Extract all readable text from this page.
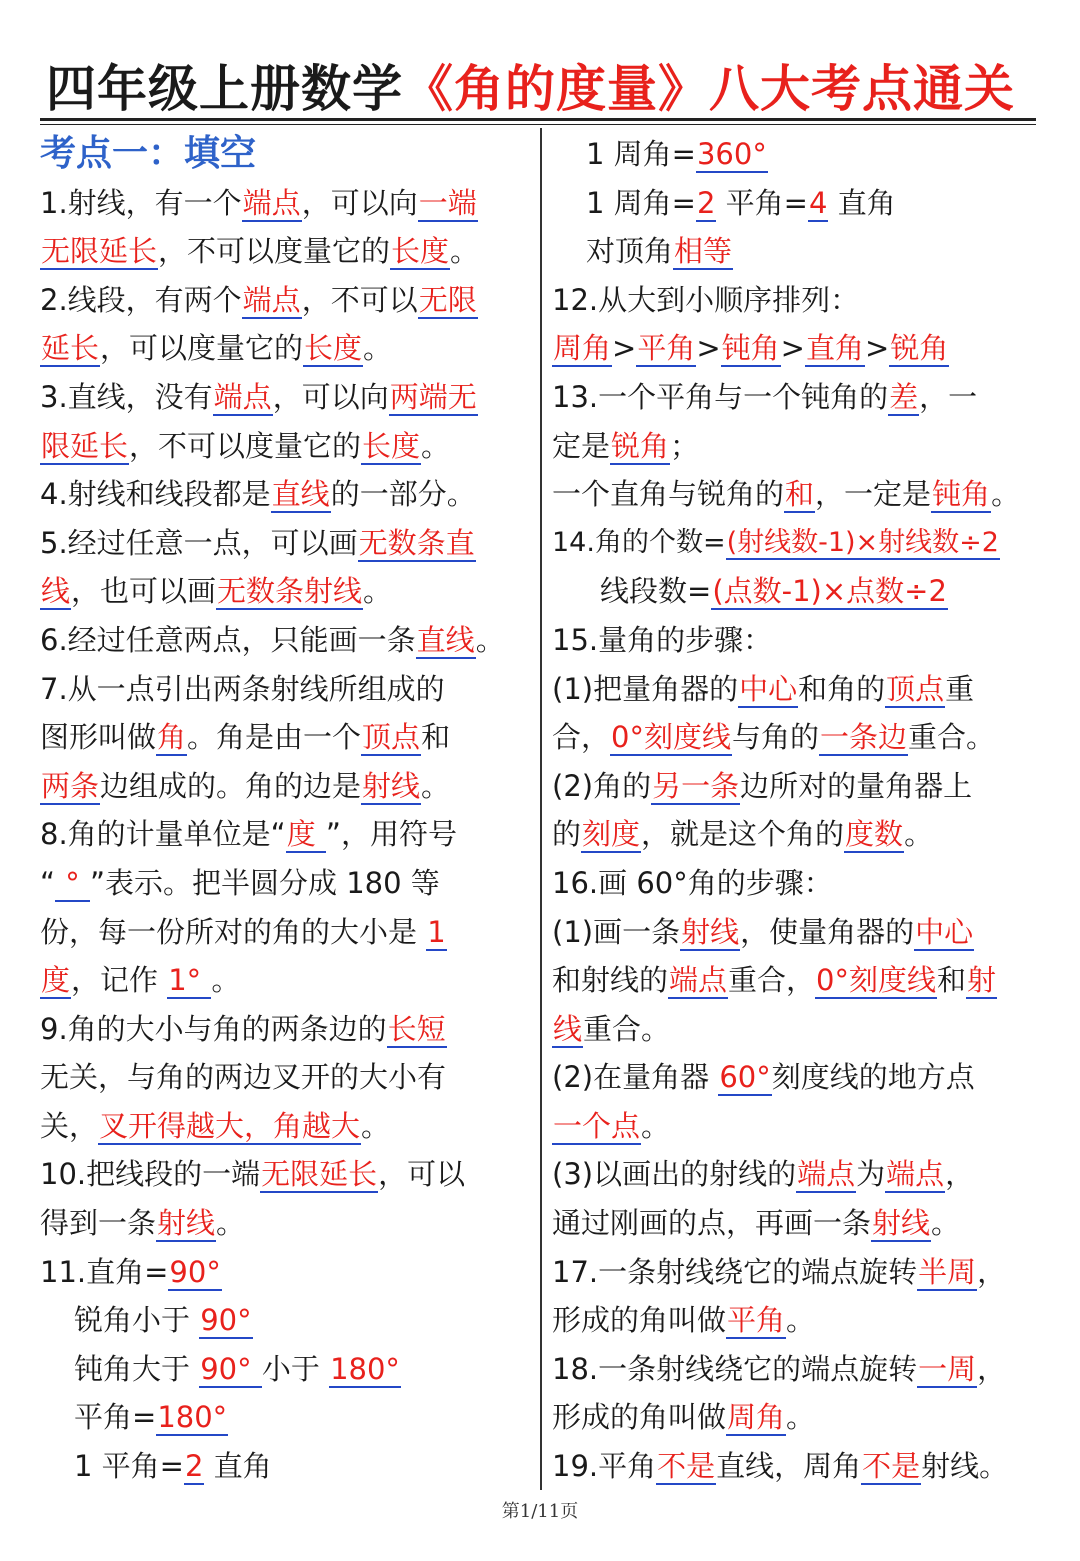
四年级上册数学《角的度量》八大考点通关
考点一：填空
1.射线，有一个端点，可以向一端
无限延长，不可以度量它的长度。
2.线段，有两个端点，不可以无限
延长，可以度量它的长度。
3.直线，没有端点，可以向两端无
限延长，不可以度量它的长度。
4.射线和线段都是直线的一部分。
5.经过任意一点，可以画无数条直
线，也可以画无数条射线。
6.经过任意两点，只能画一条直线。
7.从一点引出两条射线所组成的
图形叫做角。角是由一个顶点和
两条边组成的。角的边是射线。
8.角的计量单位是“度 ”，用符号
“ ° ”表示。把半圆分成 180 等
份，每一份所对的角的大小是 1
度，记作 1° 。
9.角的大小与角的两条边的长短
无关，与角的两边叉开的大小有
关，叉开得越大，角越大。
10.把线段的一端无限延长，可以
得到一条射线。
11.直角=90°
锐角小于 90°
钝角大于 90° 小于 180°
平角=180°
1 平角=2 直角
1 周角=360°
1 周角=2 平角=4 直角
对顶角相等
12.从大到小顺序排列：
周角>平角>钝角>直角>锐角
13.一个平角与一个钝角的差，一
定是锐角；
一个直角与锐角的和，一定是钝角。
14.角的个数=(射线数-1)×射线数÷2
线段数=(点数-1)×点数÷2
15.量角的步骤：
(1)把量角器的中心和角的顶点重
合，0°刻度线与角的一条边重合。
(2)角的另一条边所对的量角器上
的刻度，就是这个角的度数。
16.画 60°角的步骤：
(1)画一条射线，使量角器的中心
和射线的端点重合，0°刻度线和射
线重合。
(2)在量角器 60°刻度线的地方点
一个点。
(3)以画出的射线的端点为端点，
通过刚画的点，再画一条射线。
17.一条射线绕它的端点旋转半周，
形成的角叫做平角。
18.一条射线绕它的端点旋转一周，
形成的角叫做周角。
19.平角不是直线，周角不是射线。
第1/11页
